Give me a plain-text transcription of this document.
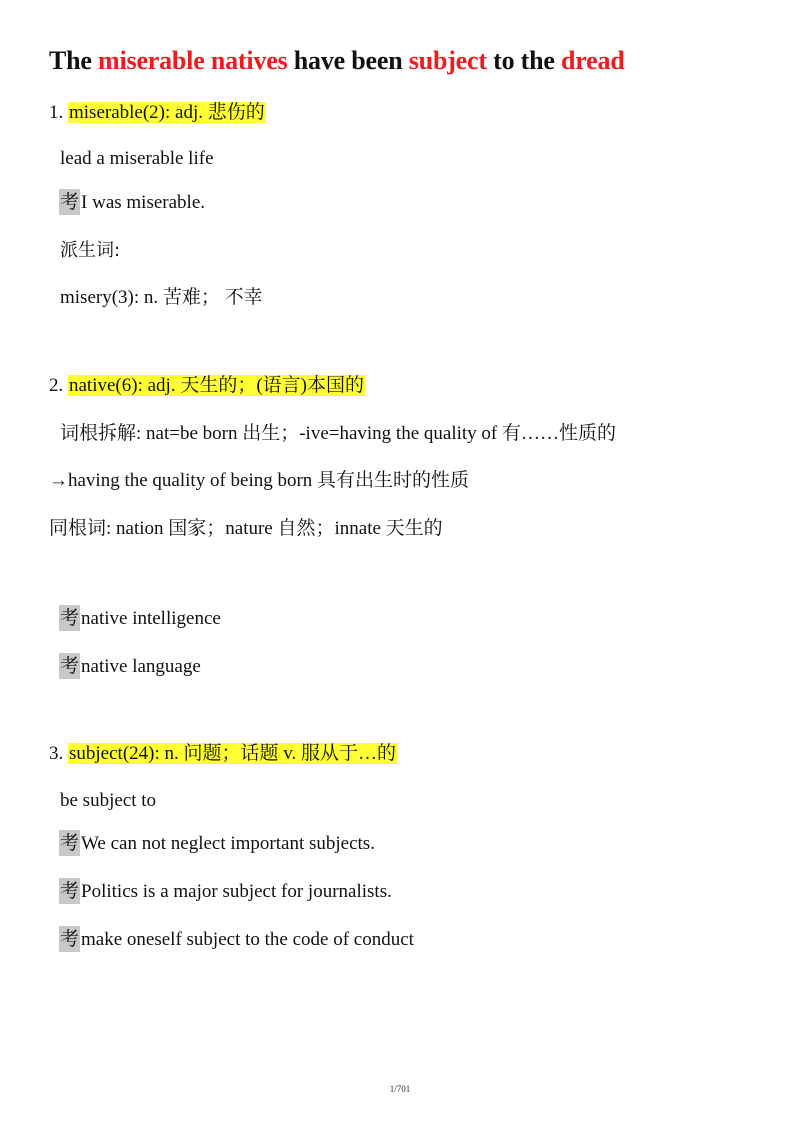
The miserable natives have been subject to the dread
1. miserable(2): adj. 悲伤的
lead a miserable life
考 I was miserable.
派生词:
misery(3): n. 苦难； 不幸
2. native(6): adj. 天生的；(语言)本国的
词根拆解: nat=be born 出生；-ive=having the quality of 有……性质的
→having the quality of being born 具有出生时的性质
同根词: nation 国家；nature 自然；innate 天生的
考 native intelligence
考 native language
3. subject(24): n. 问题；话题 v. 服从于…的
be subject to
考 We can not neglect important subjects.
考 Politics is a major subject for journalists.
考 make oneself subject to the code of conduct
1/701
